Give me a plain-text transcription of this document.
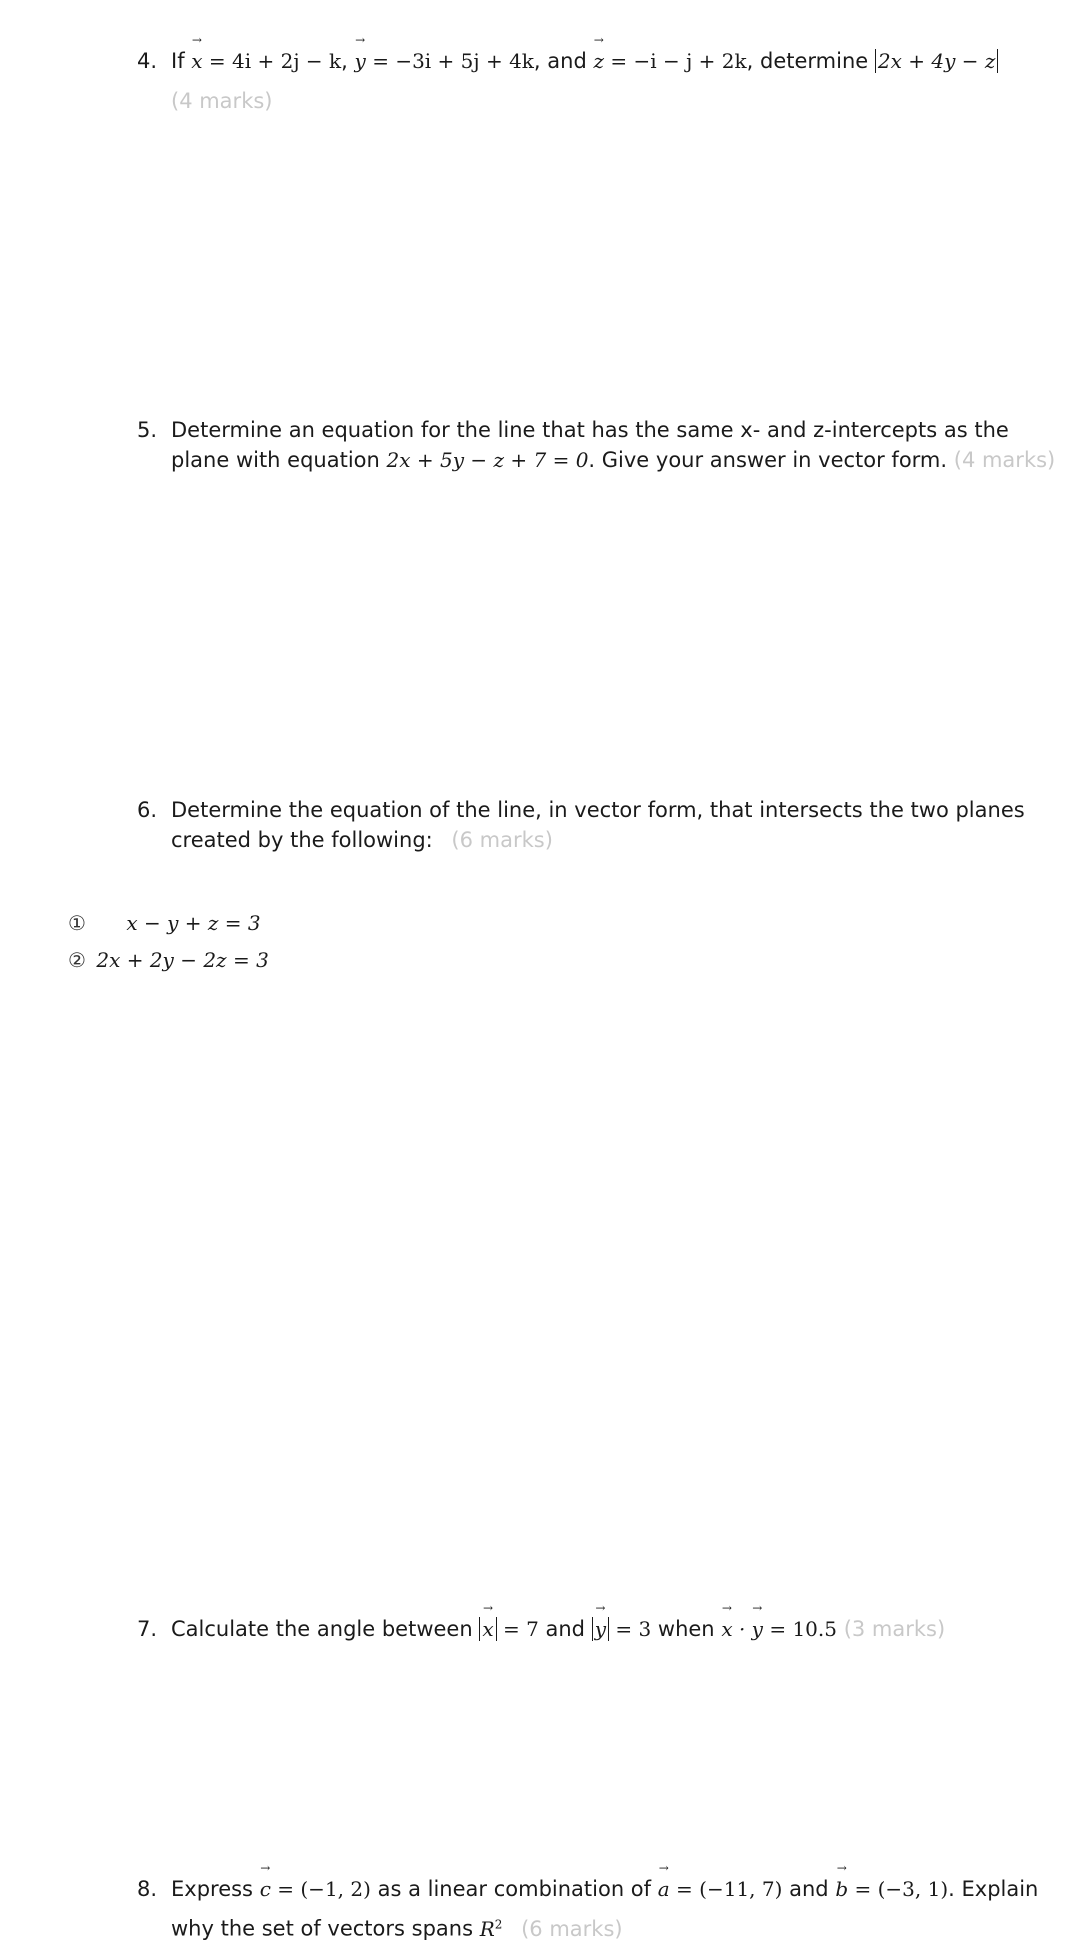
4. If → x = 4i + 2j − k, → y = −3i + 5j + 4k, and → z = −i − j + 2k, determine 2x + 4y − z
(4 marks)
5. Determine an equation for the line that has the same x- and z-intercepts as the
plane with equation 2x + 5y − z + 7 = 0. Give your answer in vector form. (4 marks)
6. Determine the equation of the line, in vector form, that intersects the two planes
created by the following: (6 marks)
① x − y + z = 3
② 2x + 2y − 2z = 3
7. Calculate the angle between → x = 7 and → y = 3 when → x · → y = 10.5 (3 marks)
8. Express → c = (−1, 2) as a linear combination of → a = (−11, 7) and → b = (−3, 1). Explain
why the set of vectors spans $R^2$ (6 marks)
